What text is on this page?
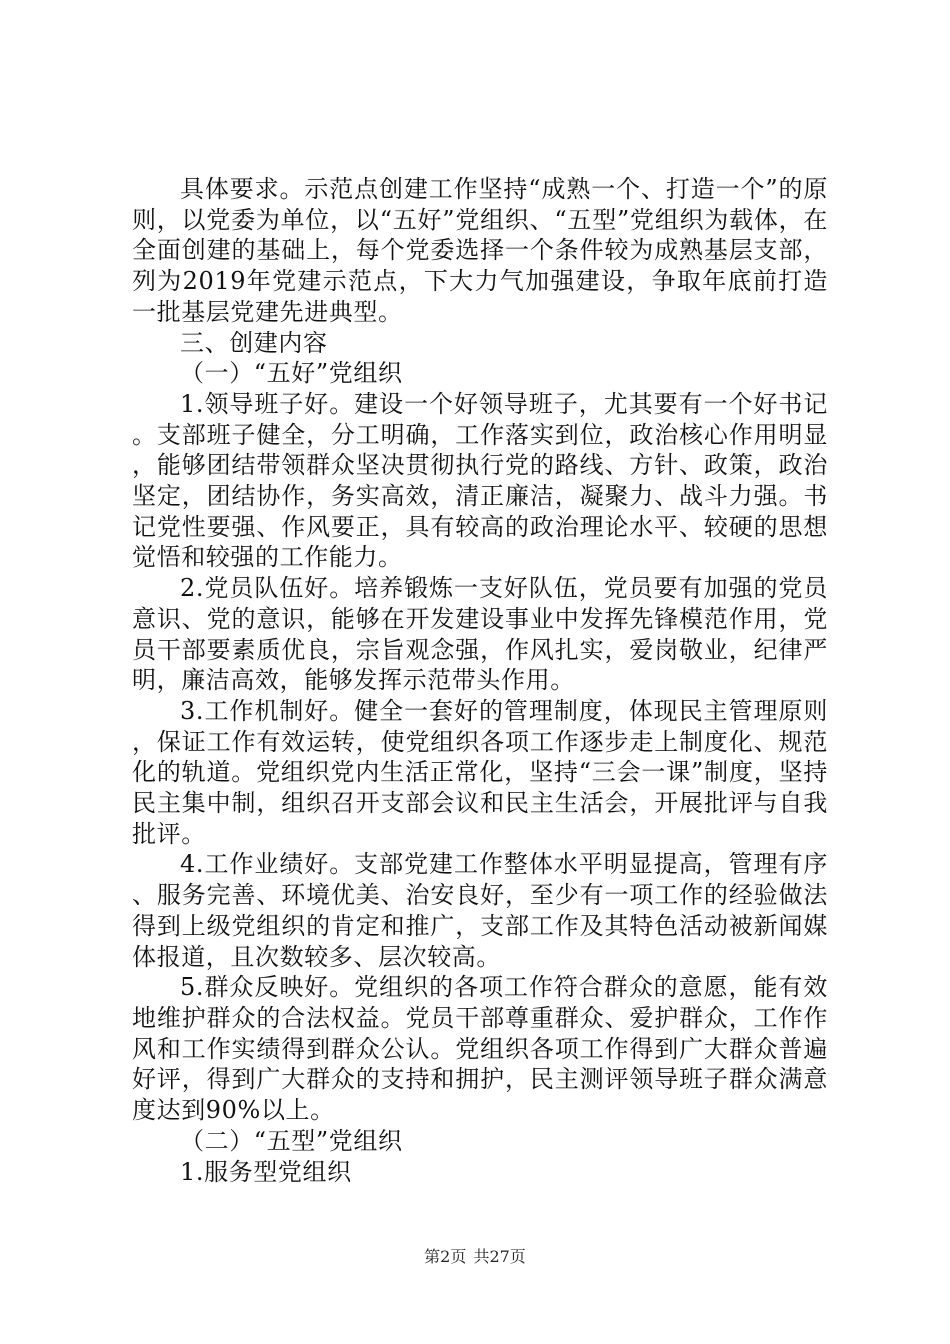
具体要求。示范点创建工作坚持“成熟一个、打造一个”的原则，以党委为单位，以“五好”党组织、“五型”党组织为载体，在全面创建的基础上，每个党委选择一个条件较为成熟基层支部，列为2019年党建示范点，下大力气加强建设，争取年底前打造一批基层党建先进典型。

三、创建内容

（一）“五好”党组织

1.领导班子好。建设一个好领导班子，尤其要有一个好书记。支部班子健全，分工明确，工作落实到位，政治核心作用明显，能够团结带领群众坚决贯彻执行党的路线、方针、政策，政治坚定，团结协作，务实高效，清正廉洁，凝聚力、战斗力强。书记党性要强、作风要正，具有较高的政治理论水平、较硬的思想觉悟和较强的工作能力。

2.党员队伍好。培养锻炼一支好队伍，党员要有加强的党员意识、党的意识，能够在开发建设事业中发挥先锋模范作用，党员干部要素质优良，宗旨观念强，作风扎实，爱岗敬业，纪律严明，廉洁高效，能够发挥示范带头作用。

3.工作机制好。健全一套好的管理制度，体现民主管理原则，保证工作有效运转，使党组织各项工作逐步走上制度化、规范化的轨道。党组织党内生活正常化，坚持“三会一课”制度，坚持民主集中制，组织召开支部会议和民主生活会，开展批评与自我批评。

4.工作业绩好。支部党建工作整体水平明显提高，管理有序、服务完善、环境优美、治安良好，至少有一项工作的经验做法得到上级党组织的肯定和推广，支部工作及其特色活动被新闻媒体报道，且次数较多、层次较高。

5.群众反映好。党组织的各项工作符合群众的意愿，能有效地维护群众的合法权益。党员干部尊重群众、爱护群众，工作作风和工作实绩得到群众公认。党组织各项工作得到广大群众普遍好评，得到广大群众的支持和拥护，民主测评领导班子群众满意度达到90%以上。

（二）“五型”党组织

1.服务型党组织

第2页 共27页
